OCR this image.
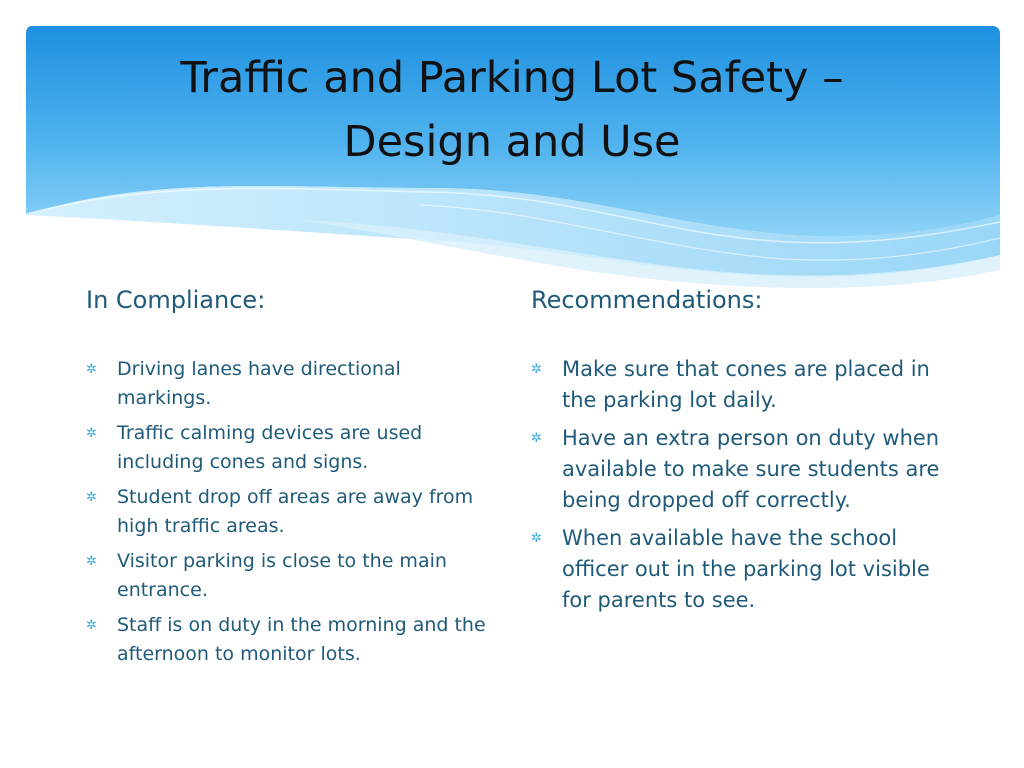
Traffic and Parking Lot Safety –
Design and Use
In Compliance:
✲ Driving lanes have directional markings.
✲ Traffic calming devices are used including cones and signs.
✲ Student drop off areas are away from high traffic areas.
✲ Visitor parking is close to the main entrance.
✲ Staff is on duty in the morning and the afternoon to monitor lots.
Recommendations:
✲ Make sure that cones are placed in the parking lot daily.
✲ Have an extra person on duty when available to make sure students are being dropped off correctly.
✲ When available have the school officer out in the parking lot visible for parents to see.
